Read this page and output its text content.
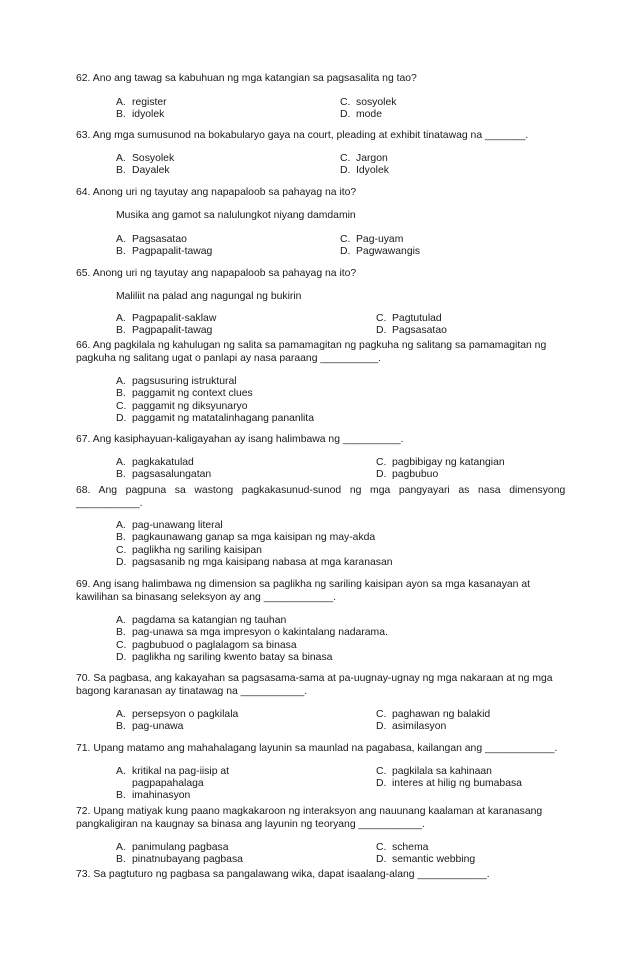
62. Ano ang tawag sa kabuhuan ng mga katangian sa pagsasalita ng tao?
A. register
B. idyolek
C. sosyolek
D. mode
63. Ang mga sumusunod na bokabularyo gaya na court, pleading at exhibit tinatawag na _______.
A. Sosyolek
B. Dayalek
C. Jargon
D. Idyolek
64. Anong uri ng tayutay ang napapaloob sa pahayag na ito?
Musika ang gamot sa nalulungkot niyang damdamin
A. Pagsasatao
B. Pagpapalit-tawag
C. Pag-uyam
D. Pagwawangis
65. Anong uri ng tayutay ang napapaloob sa pahayag na ito?
Maliliit na palad ang nagungal ng bukirin
A. Pagpapalit-saklaw
B. Pagpapalit-tawag
C. Pagtutulad
D. Pagsasatao
66. Ang pagkilala ng kahulugan ng salita sa pamamagitan ng pagkuha ng salitang sa pamamagitan ng
pagkuha ng salitang ugat o panlapi ay nasa paraang __________.
A. pagsusuring istruktural
B. paggamit ng context clues
C. paggamit ng diksyunaryo
D. paggamit ng matatalinhagang pananlita
67. Ang kasiphayuan-kaligayahan ay isang halimbawa ng __________.
A. pagkakatulad
B. pagsasalungatan
C. pagbibigay ng katangian
D. pagbubuo
68.   Ang   pagpuna   sa   wastong   pagkakasunud-sunod   ng   mga   pangyayari   as   nasa   dimensyong
___________.
A. pag-unawang literal
B. pagkaunawang ganap sa mga kaisipan ng may-akda
C. paglikha ng sariling kaisipan
D. pagsasanib ng mga kaisipang nabasa at mga karanasan
69. Ang isang halimbawa ng dimension sa paglikha ng sariling kaisipan ayon sa mga kasanayan at
kawilihan sa binasang seleksyon ay ang ____________.
A. pagdama sa katangian ng tauhan
B. pag-unawa sa mga impresyon o kakintalang nadarama.
C. pagbubuod o paglalagom sa binasa
D. paglikha ng sariling kwento batay sa binasa
70. Sa pagbasa, ang kakayahan sa pagsasama-sama at pa-uugnay-ugnay ng mga nakaraan at ng mga
bagong karanasan ay tinatawag na ___________.
A. persepsyon o pagkilala
B. pag-unawa
C. paghawan ng balakid
D. asimilasyon
71. Upang matamo ang mahahalagang layunin sa maunlad na pagabasa, kailangan ang ____________.
A. kritikal na pag-iisip at
pagpapahalaga
B. imahinasyon
C. pagkilala sa kahinaan
D. interes at hilig ng bumabasa
72. Upang matiyak kung paano magkakaroon ng interaksyon ang nauunang kaalaman at karanasang
pangkaligiran na kaugnay sa binasa ang layunin ng teoryang ___________.
A. panimulang pagbasa
B. pinatnubayang pagbasa
C. schema
D. semantic webbing
73. Sa pagtuturo ng pagbasa sa pangalawang wika, dapat isaalang-alang ____________.
